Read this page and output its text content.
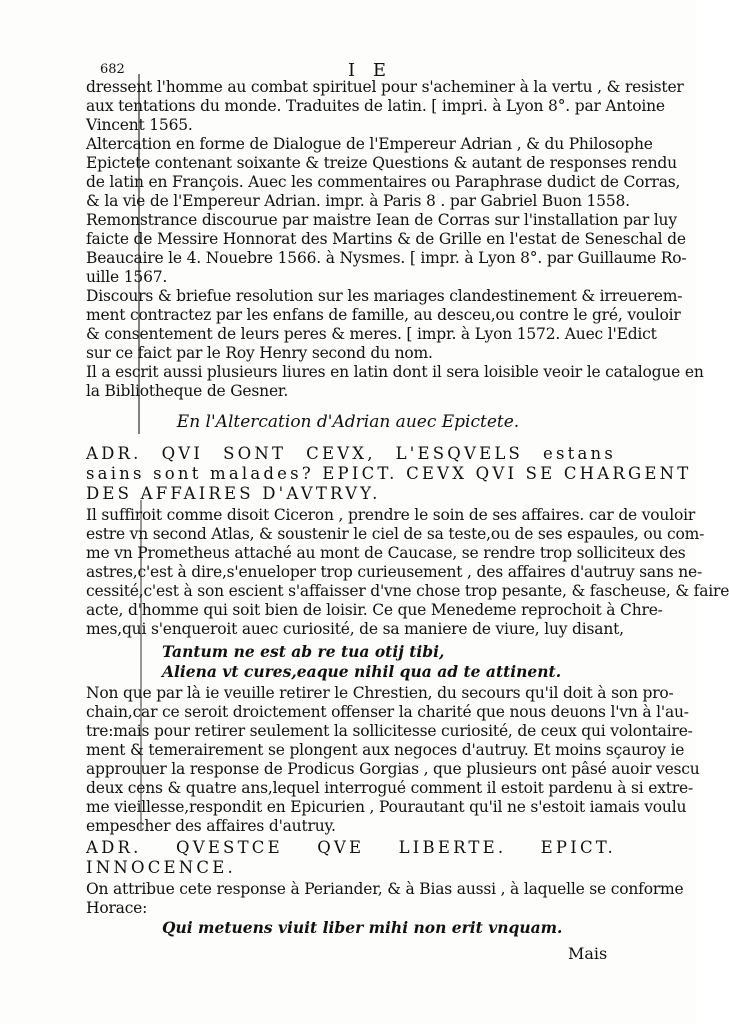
682	I E
dressent l'homme au combat spirituel pour s'acheminer à la vertu , & resister
aux tentations du monde. Traduites de latin. [ impri. à Lyon 8°. par Antoine
Vincent 1565.
Altercation en forme de Dialogue de l'Empereur Adrian , & du Philosophe
Epictete contenant soixante & treize Questions & autant de responses rendu
de latin en François. Auec les commentaires ou Paraphrase dudict de Corras,
& la vie de l'Empereur Adrian. impr. à Paris 8 . par Gabriel Buon 1558.
Remonstrance discourue par maistre Iean de Corras sur l'installation par luy
faicte de Messire Honnorat des Martins & de Grille en l'estat de Seneschal de
Beaucaire le 4. Nouebre 1566. à Nysmes. [ impr. à Lyon 8°. par Guillaume Ro-
uille 1567.
Discours & briefue resolution sur les mariages clandestinement & irreuerem-
ment contractez par les enfans de famille, au desceu,ou contre le gré, vouloir
& consentement de leurs peres & meres. [ impr. à Lyon 1572. Auec l'Edict
sur ce faict par le Roy Henry second du nom.
Il a escrit aussi plusieurs liures en latin dont il sera loisible veoir le catalogue en
la Bibliotheque de Gesner.
En l'Altercation d'Adrian auec Epictete.
ADR. QVI SONT CEVX, L'ESQVELS estans
sains sont malades? EPICT. CEVX QVI SE CHARGENT
DES AFFAIRES D'AVTRVY.
Il suffiroit comme disoit Ciceron , prendre le soin de ses affaires. car de vouloir
estre vn second Atlas, & soustenir le ciel de sa teste,ou de ses espaules, ou com-
me vn Prometheus attaché au mont de Caucase, se rendre trop solliciteux des
astres,c'est à dire,s'enueloper trop curieusement , des affaires d'autruy sans ne-
cessité,c'est à son escient s'affaisser d'vne chose trop pesante, & fascheuse, & faire
acte, d'homme qui soit bien de loisir. Ce que Menedeme reprochoit à Chre-
mes,qui s'enqueroit auec curiosité, de sa maniere de viure, luy disant,
Tantum ne est ab re tua otij tibi,
Aliena vt cures,eaque nihil qua ad te attinent.
Non que par là ie veuille retirer le Chrestien, du secours qu'il doit à son pro-
chain,car ce seroit droictement offenser la charité que nous deuons l'vn à l'au-
tre:mais pour retirer seulement la sollicitesse curiosité, de ceux qui volontaire-
ment & temerairement se plongent aux negoces d'autruy. Et moins sçauroy ie
approuuer la response de Prodicus Gorgias , que plusieurs ont pâsé auoir vescu
deux cens & quatre ans,lequel interrogué comment il estoit pardenu à si extre-
me vieillesse,respondit en Epicurien , Pourautant qu'il ne s'estoit iamais voulu
empescher des affaires d'autruy.
ADR. QVESTCE QVE LIBERTE. EPICT.
INNOCENCE.
On attribue cete response à Periander, & à Bias aussi , à laquelle se conforme
Horace:
Qui metuens viuit liber mihi non erit vnquam.
Mais
